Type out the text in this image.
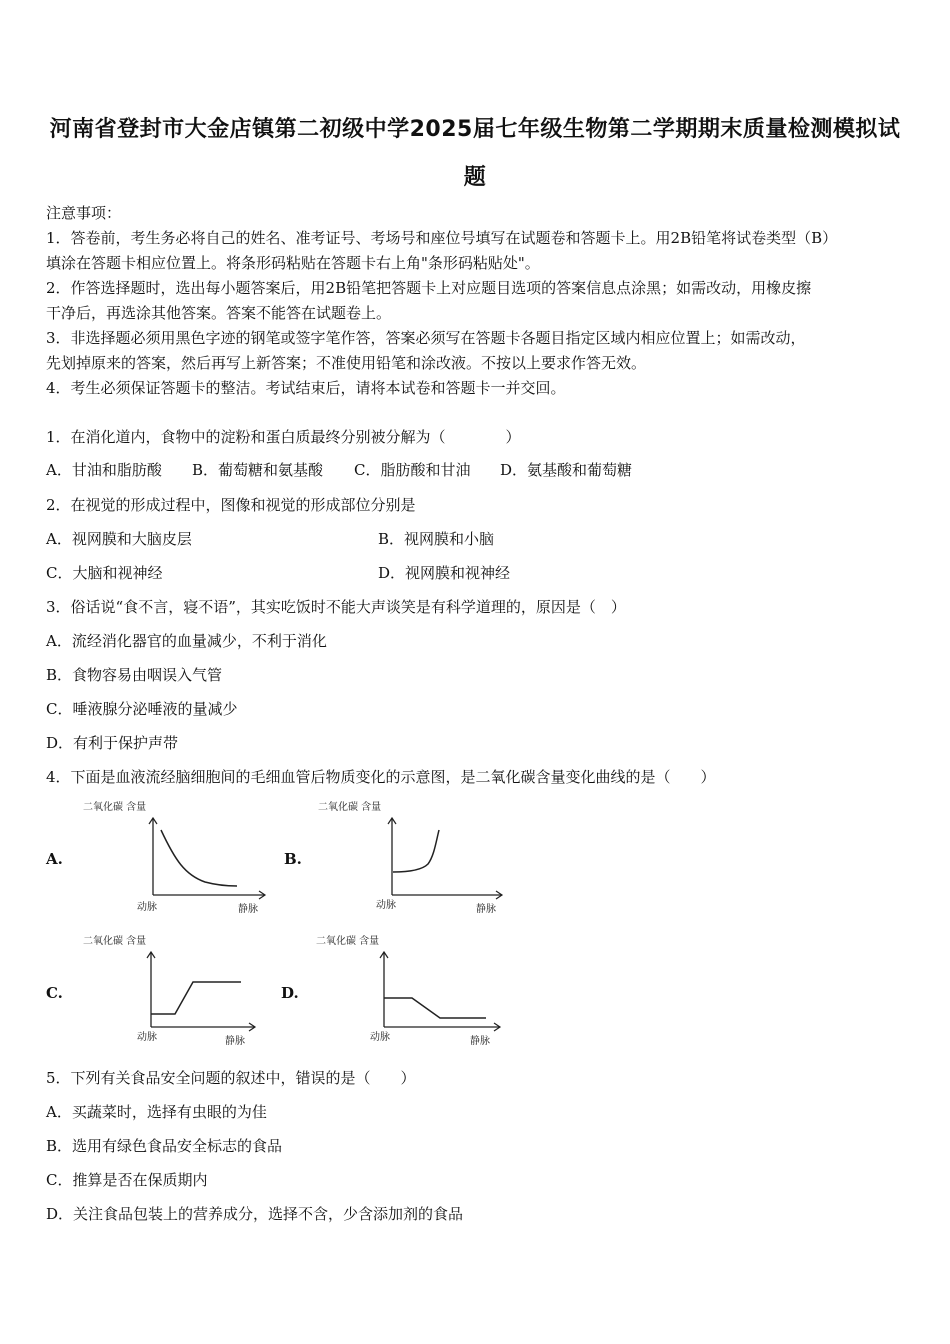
河南省登封市大金店镇第二初级中学2025届七年级生物第二学期期末质量检测模拟试
题
注意事项：
1．答卷前，考生务必将自己的姓名、准考证号、考场号和座位号填写在试题卷和答题卡上。用2B铅笔将试卷类型（B）
填涂在答题卡相应位置上。将条形码粘贴在答题卡右上角"条形码粘贴处"。
2．作答选择题时，选出每小题答案后，用2B铅笔把答题卡上对应题目选项的答案信息点涂黑；如需改动，用橡皮擦
干净后，再选涂其他答案。答案不能答在试题卷上。
3．非选择题必须用黑色字迹的钢笔或签字笔作答，答案必须写在答题卡各题目指定区域内相应位置上；如需改动，
先划掉原来的答案，然后再写上新答案；不准使用铅笔和涂改液。不按以上要求作答无效。
4．考生必须保证答题卡的整洁。考试结束后，请将本试卷和答题卡一并交回。
1．在消化道内，食物中的淀粉和蛋白质最终分别被分解为（　　　　）
A．甘油和脂肪酸 B．葡萄糖和氨基酸 C．脂肪酸和甘油 D．氨基酸和葡萄糖
2．在视觉的形成过程中，图像和视觉的形成部位分别是
A．视网膜和大脑皮层	B．视网膜和小脑
C．大脑和视神经	D．视网膜和视神经
3．俗话说“食不言，寝不语”，其实吃饭时不能大声谈笑是有科学道理的，原因是（　）
A．流经消化器官的血量减少，不利于消化
B．食物容易由咽误入气管
C．唾液腺分泌唾液的量减少
D．有利于保护声带
4．下面是血液流经脑细胞间的毛细血管后物质变化的示意图，是二氧化碳含量变化曲线的是（　　）
A.
二氧化碳 含量
动脉	静脉
B.
二氧化碳 含量
动脉	静脉
C.
二氧化碳 含量
动脉	静脉
D.
二氧化碳 含量
动脉	静脉
5．下列有关食品安全问题的叙述中，错误的是（　　）
A．买蔬菜时，选择有虫眼的为佳
B．选用有绿色食品安全标志的食品
C．推算是否在保质期内
D．关注食品包装上的营养成分，选择不含，少含添加剂的食品
